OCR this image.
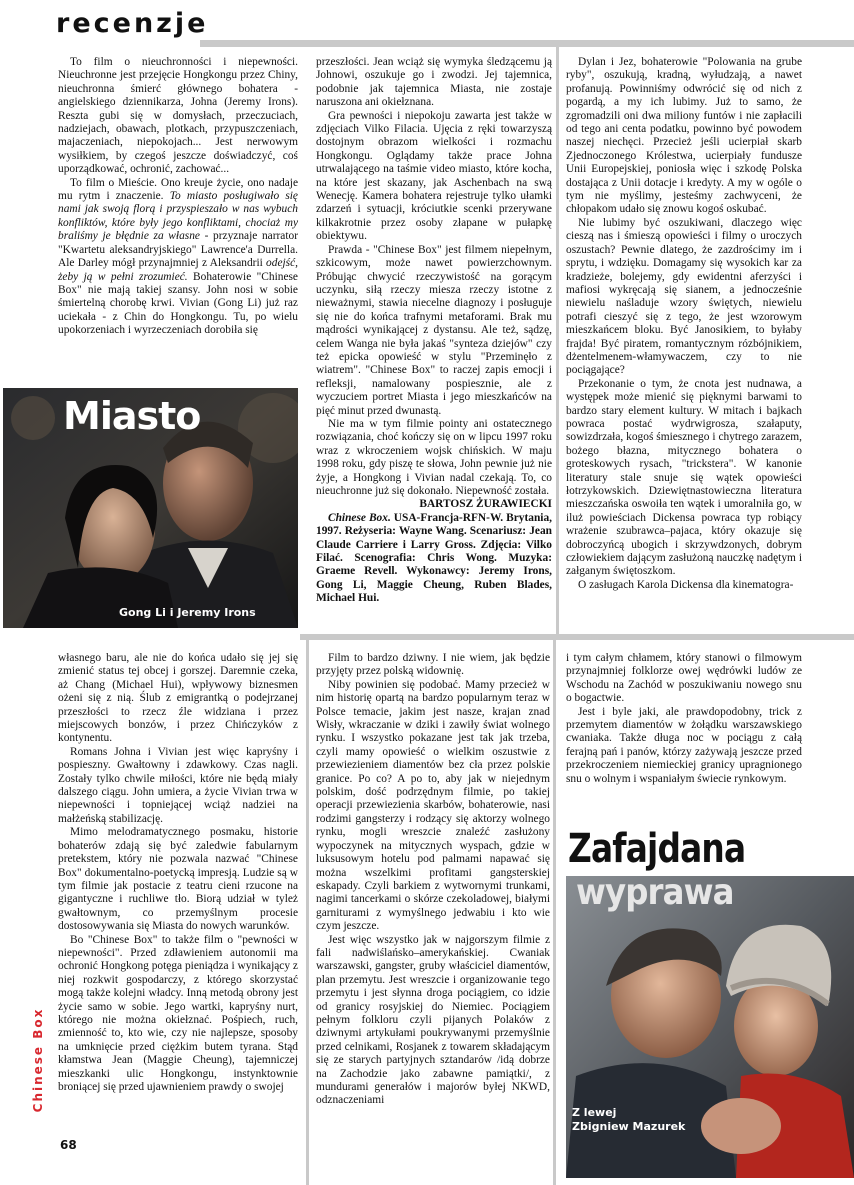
recenzje

To film o nieuchronności i niepewności. Nieuchronne jest przejęcie Hongkongu przez Chiny, nieuchronna śmierć głównego bohatera - angielskiego dziennikarza, Johna (Jeremy Irons). Reszta gubi się w domysłach, przeczuciach, nadziejach, obawach, plotkach, przypuszczeniach, majaczeniach, niepokojach... Jest nerwowym wysiłkiem, by czegoś jeszcze doświadczyć, coś uporządkować, ochronić, zachować...

To film o Mieście. Ono kreuje życie, ono nadaje mu rytm i znaczenie. To miasto posługiwało się nami jak swoją florą i przyspieszało w nas wybuch konfliktów, które były jego konfliktami, chociaż my braliśmy je błędnie za własne - przyznaje narrator "Kwartetu aleksandryjskiego" Lawrence'a Durrella. Ale Darley mógł przynajmniej z Aleksandrii odejść, żeby ją w pełni zrozumieć. Bohaterowie "Chinese Box" nie mają takiej szansy. John nosi w sobie śmiertelną chorobę krwi. Vivian (Gong Li) już raz uciekała - z Chin do Hongkongu. Tu, po wielu upokorzeniach i wyrzeczeniach dorobiła się

Miasto
Gong Li i Jeremy Irons

przeszłości. Jean wciąż się wymyka śledzącemu ją Johnowi, oszukuje go i zwodzi. Jej tajemnica, podobnie jak tajemnica Miasta, nie zostaje naruszona ani okiełznana.

Gra pewności i niepokoju zawarta jest także w zdjęciach Vilko Filacia. Ujęcia z ręki towarzyszą dostojnym obrazom wielkości i rozmachu Hongkongu. Oglądamy także prace Johna utrwalającego na taśmie video miasto, które kocha, na które jest skazany, jak Aschenbach na swą Wenecję. Kamera bohatera rejestruje tylko ułamki zdarzeń i sytuacji, króciutkie scenki przerywane kilkakrotnie przez osoby złapane w pułapkę obiektywu.

Prawda - "Chinese Box" jest filmem niepełnym, szkicowym, może nawet powierzchownym. Próbując chwycić rzeczywistość na gorącym uczynku, siłą rzeczy miesza rzeczy istotne z nieważnymi, stawia niecelne diagnozy i posługuje się nie do końca trafnymi metaforami. Brak mu mądrości wynikającej z dystansu. Ale też, sądzę, celem Wanga nie była jakaś "synteza dziejów" czy też epicka opowieść w stylu "Przeminęło z wiatrem". "Chinese Box" to raczej zapis emocji i refleksji, namalowany pospiesznie, ale z wyczuciem portret Miasta i jego mieszkańców na pięć minut przed dwunastą.

Nie ma w tym filmie pointy ani ostatecznego rozwiązania, choć kończy się on w lipcu 1997 roku wraz z wkroczeniem wojsk chińskich. W maju 1998 roku, gdy piszę te słowa, John pewnie już nie żyje, a Hongkong i Vivian nadal czekają. To, co nieuchronne już się dokonało. Niepewność została.

BARTOSZ ŻURAWIECKI

Chinese Box. USA-Francja-RFN-W. Brytania, 1997. Reżyseria: Wayne Wang. Scenariusz: Jean Claude Carriere i Larry Gross. Zdjęcia: Vilko Filać. Scenografia: Chris Wong. Muzyka: Graeme Revell. Wykonawcy: Jeremy Irons, Gong Li, Maggie Cheung, Ruben Blades, Michael Hui.

Dylan i Jez, bohaterowie "Polowania na grube ryby", oszukują, kradną, wyłudzają, a nawet profanują. Powinniśmy odwrócić się od nich z pogardą, a my ich lubimy. Już to samo, że zgromadzili oni dwa miliony funtów i nie zapłacili od tego ani centa podatku, powinno być powodem naszej niechęci. Przecież jeśli ucierpiał skarb Zjednoczonego Królestwa, ucierpiały fundusze Unii Europejskiej, poniosła więc i szkodę Polska dostająca z Unii dotacje i kredyty. A my w ogóle o tym nie myślimy, jesteśmy zachwyceni, że chłopakom udało się znowu kogoś oskubać.

Nie lubimy być oszukiwani, dlaczego więc cieszą nas i śmieszą opowieści i filmy o uroczych oszustach? Pewnie dlatego, że zazdrościmy im i sprytu, i wdzięku. Domagamy się wysokich kar za kradzieże, bolejemy, gdy ewidentni aferzyści i mafiosi wykręcają się sianem, a jednocześnie niewielu naśladuje wzory świętych, niewielu potrafi cieszyć się z tego, że jest wzorowym mieszkańcem bloku. Być Janosikiem, to byłaby frajda! Być piratem, romantycznym rózbójnikiem, dżentelmenem-włamywaczem, czy to nie pociągające?

Przekonanie o tym, że cnota jest nudnawa, a występek może mienić się pięknymi barwami to bardzo stary element kultury. W mitach i bajkach powraca postać wydrwigrosza, szałaputy, sowizdrzała, kogoś śmiesznego i chytrego zarazem, bożego błazna, mitycznego bohatera o groteskowych rysach, "trickstera". W kanonie literatury stale snuje się wątek opowieści łotrzykowskich. Dziewiętnastowieczna literatura mieszczańska oswoiła ten wątek i umoralniła go, w iluż powieściach Dickensa powraca typ robiący wrażenie szubrawca–pajaca, który okazuje się dobroczyńcą ubogich i skrzywdzonych, dobrym człowiekiem dającym zasłużoną nauczkę nadętym i załganym świętoszkom.

O zasługach Karola Dickensa dla kinematogra-

własnego baru, ale nie do końca udało się jej się zmienić status tej obcej i gorszej. Daremnie czeka, aż Chang (Michael Hui), wpływowy biznesmen ożeni się z nią. Ślub z emigrantką o podejrzanej przeszłości to rzecz źle widziana i przez miejscowych bonzów, i przez Chińczyków z kontynentu.

Romans Johna i Vivian jest więc kapryśny i pospieszny. Gwałtowny i zdawkowy. Czas nagli. Zostały tylko chwile miłości, które nie będą miały dalszego ciągu. John umiera, a życie Vivian trwa w niepewności i topniejącej wciąż nadziei na małżeńską stabilizację.

Mimo melodramatycznego posmaku, historie bohaterów zdają się być zaledwie fabularnym pretekstem, który nie pozwala nazwać "Chinese Box" dokumentalno-poetycką impresją. Ludzie są w tym filmie jak postacie z teatru cieni rzucone na gigantyczne i ruchliwe tło. Biorą udział w tyleż gwałtownym, co przemyślnym procesie dostosowywania się Miasta do nowych warunków.

Bo "Chinese Box" to także film o "pewności w niepewności". Przed zdławieniem autonomii ma ochronić Hongkong potęga pieniądza i wynikający z niej rozkwit gospodarczy, z którego skorzystać mogą także kolejni władcy. Inną metodą obrony jest życie samo w sobie. Jego wartki, kapryśny nurt, którego nie można okiełznać. Pośpiech, ruch, zmienność to, kto wie, czy nie najlepsze, sposoby na umknięcie przed ciężkim butem tyrana. Stąd kłamstwa Jean (Maggie Cheung), tajemniczej mieszkanki ulic Hongkongu, instynktownie broniącej się przed ujawnieniem prawdy o swojej

Film to bardzo dziwny. I nie wiem, jak będzie przyjęty przez polską widownię.

Niby powinien się podobać. Mamy przecież w nim historię opartą na bardzo popularnym teraz w Polsce temacie, jakim jest nasze, krajan znad Wisły, wkraczanie w dziki i zawiły świat wolnego rynku. I wszystko pokazane jest tak jak trzeba, czyli mamy opowieść o wielkim oszustwie z przewiezieniem diamentów bez cła przez polskie granice. Po co? A po to, aby jak w niejednym polskim, dość podrzędnym filmie, po takiej operacji przewiezienia skarbów, bohaterowie, nasi rodzimi gangsterzy i rodzący się aktorzy wolnego rynku, mogli wreszcie znaleźć zasłużony wypoczynek na mitycznych wyspach, gdzie w luksusowym hotelu pod palmami napawać się można wszelkimi profitami gangsterskiej eskapady. Czyli barkiem z wytwornymi trunkami, nagimi tancerkami o skórze czekoladowej, białymi garniturami z wymyślnego jedwabiu i kto wie czym jeszcze.

Jest więc wszystko jak w najgorszym filmie z fali nadwiślańsko–amerykańskiej. Cwaniak warszawski, gangster, gruby właściciel diamentów, plan przemytu. Jest wreszcie i organizowanie tego przemytu i jest słynna droga pociągiem, co idzie od granicy rosyjskiej do Niemiec. Pociągiem pełnym folkloru czyli pijanych Polaków z dziwnymi artykułami poukrywanymi przemyślnie przed celnikami, Rosjanek z towarem składającym się ze starych partyjnych sztandarów /idą dobrze na Zachodzie jako zabawne pamiątki/, z mundurami generałów i majorów byłej NKWD, odznaczeniami

i tym całym chłamem, który stanowi o filmowym przynajmniej folklorze owej wędrówki ludów ze Wschodu na Zachód w poszukiwaniu nowego snu o bogactwie.

Jest i byle jaki, ale prawdopodobny, trick z przemytem diamentów w żołądku warszawskiego cwaniaka. Także długa noc w pociągu z całą ferajną pań i panów, którzy zażywają jeszcze przed przekroczeniem niemieckiej granicy upragnionego snu o wolnym i wspaniałym świecie rynkowym.

Zafajdana
wyprawa
Z lewej
Zbigniew Mazurek
Chinese Box
68
